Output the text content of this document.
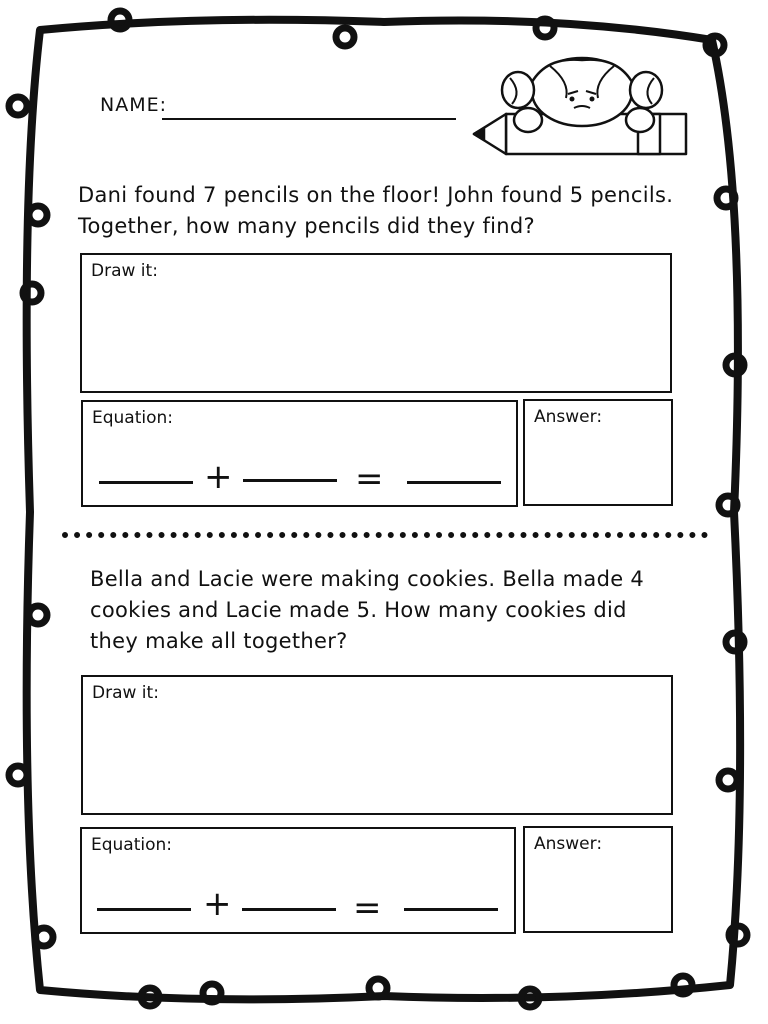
NAME:
Dani found 7 pencils on the floor! John found 5 pencils. Together, how many pencils did they find?
Draw it:
Equation:
+	=
Answer:
Bella and Lacie were making cookies. Bella made 4 cookies and Lacie made 5. How many cookies did they make all together?
Draw it:
Equation:
+	=
Answer:
